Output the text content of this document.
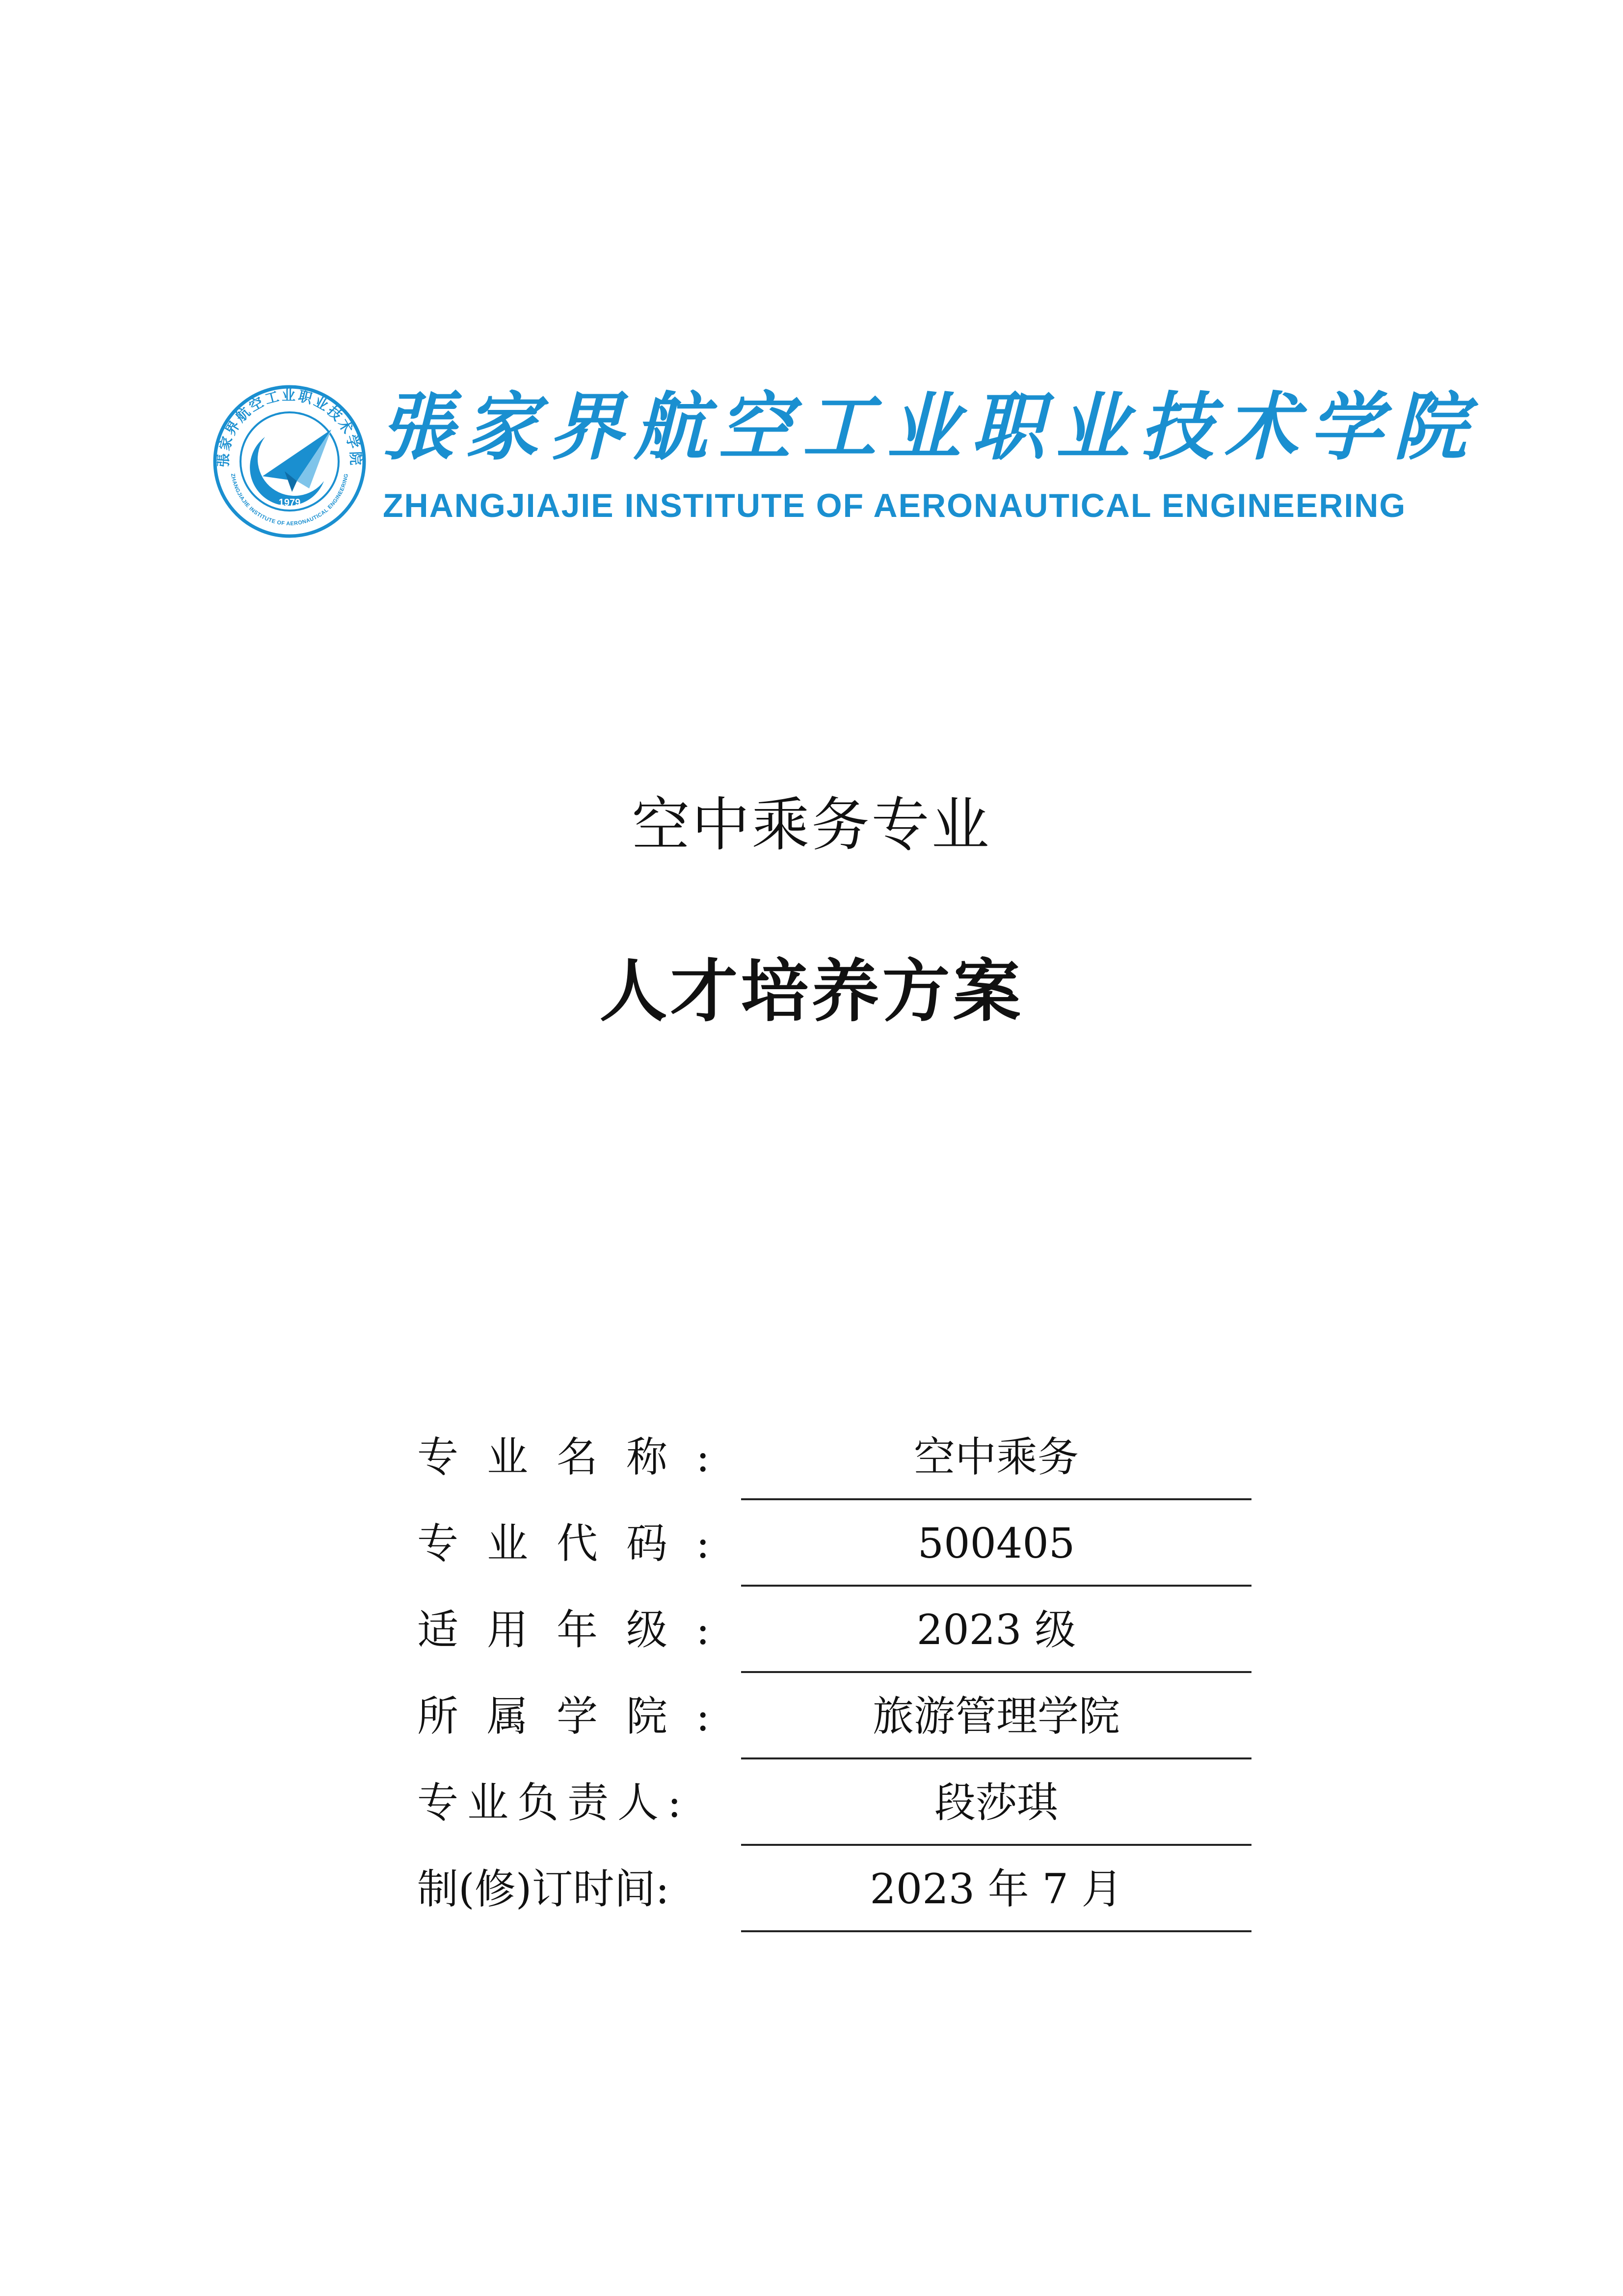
張家界航空工业职业技术学院
ZHANGJIAJIE INSTITUTE OF AERONAUTICAL ENGINEERING
1979
張家界航空工业职业技术学院
ZHANGJIAJIE INSTITUTE OF AERONAUTICAL ENGINEERING
空中乘务专业
人才培养方案
专业名称:	空中乘务
专业代码:	500405
适用年级:	2023 级
所属学院:	旅游管理学院
专业负责人:	段莎琪
制(修)订时间:	2023 年 7 月
